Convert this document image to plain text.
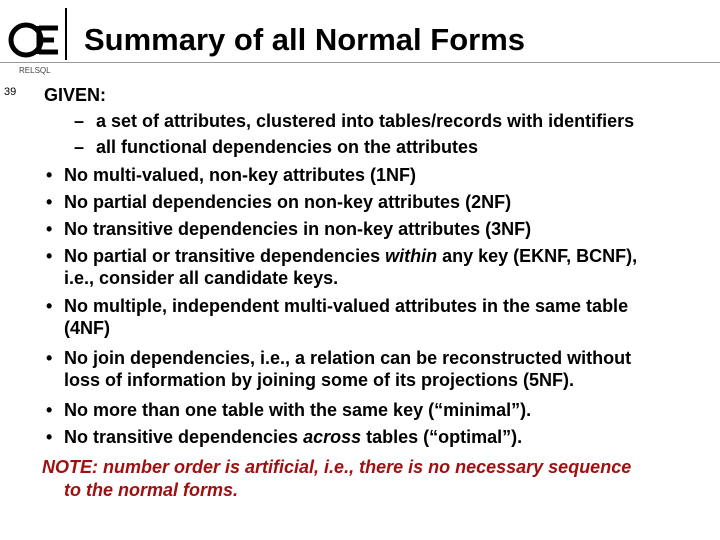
Summary of all Normal Forms
RELSQL
39 GIVEN:
– a set of attributes, clustered into tables/records with identifiers
– all functional dependencies on the attributes
• No multi-valued, non-key attributes (1NF)
• No partial dependencies on non-key attributes (2NF)
• No transitive dependencies in non-key attributes (3NF)
• No partial or transitive dependencies within any key (EKNF, BCNF),
i.e., consider all candidate keys.
• No multiple, independent multi-valued attributes in the same table
(4NF)
• No join dependencies, i.e., a relation can be reconstructed without
loss of information by joining some of its projections (5NF).
• No more than one table with the same key (“minimal”).
• No transitive dependencies across tables (“optimal”).
NOTE: number order is artificial, i.e., there is no necessary sequence
to the normal forms.
